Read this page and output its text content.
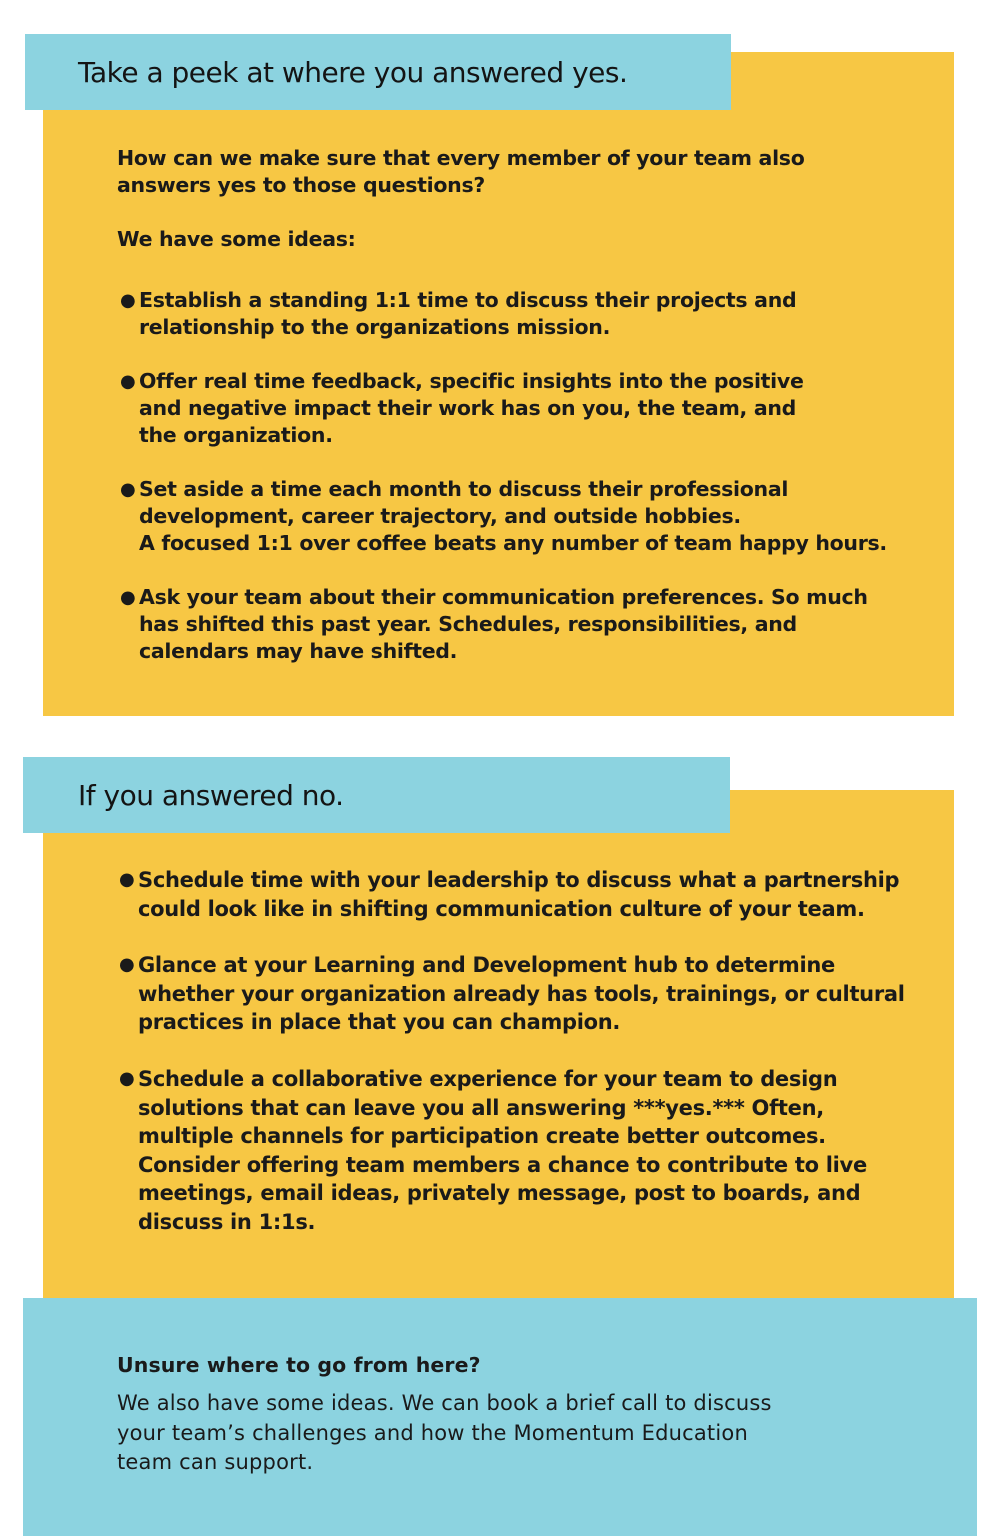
Take a peek at where you answered yes.
How can we make sure that every member of your team also
answers yes to those questions?
We have some ideas:
● Establish a standing 1:1 time to discuss their projects and
relationship to the organizations mission.
● Offer real time feedback, specific insights into the positive
and negative impact their work has on you, the team, and
the organization.
● Set aside a time each month to discuss their professional
development, career trajectory, and outside hobbies.
A focused 1:1 over coffee beats any number of team happy hours.
● Ask your team about their communication preferences. So much
has shifted this past year. Schedules, responsibilities, and
calendars may have shifted.
If you answered no.
● Schedule time with your leadership to discuss what a partnership
could look like in shifting communication culture of your team.
● Glance at your Learning and Development hub to determine
whether your organization already has tools, trainings, or cultural
practices in place that you can champion.
● Schedule a collaborative experience for your team to design
solutions that can leave you all answering ***yes.*** Often,
multiple channels for participation create better outcomes.
Consider offering team members a chance to contribute to live
meetings, email ideas, privately message, post to boards, and
discuss in 1:1s.
Unsure where to go from here?
We also have some ideas. We can book a brief call to discuss
your team’s challenges and how the Momentum Education
team can support.
